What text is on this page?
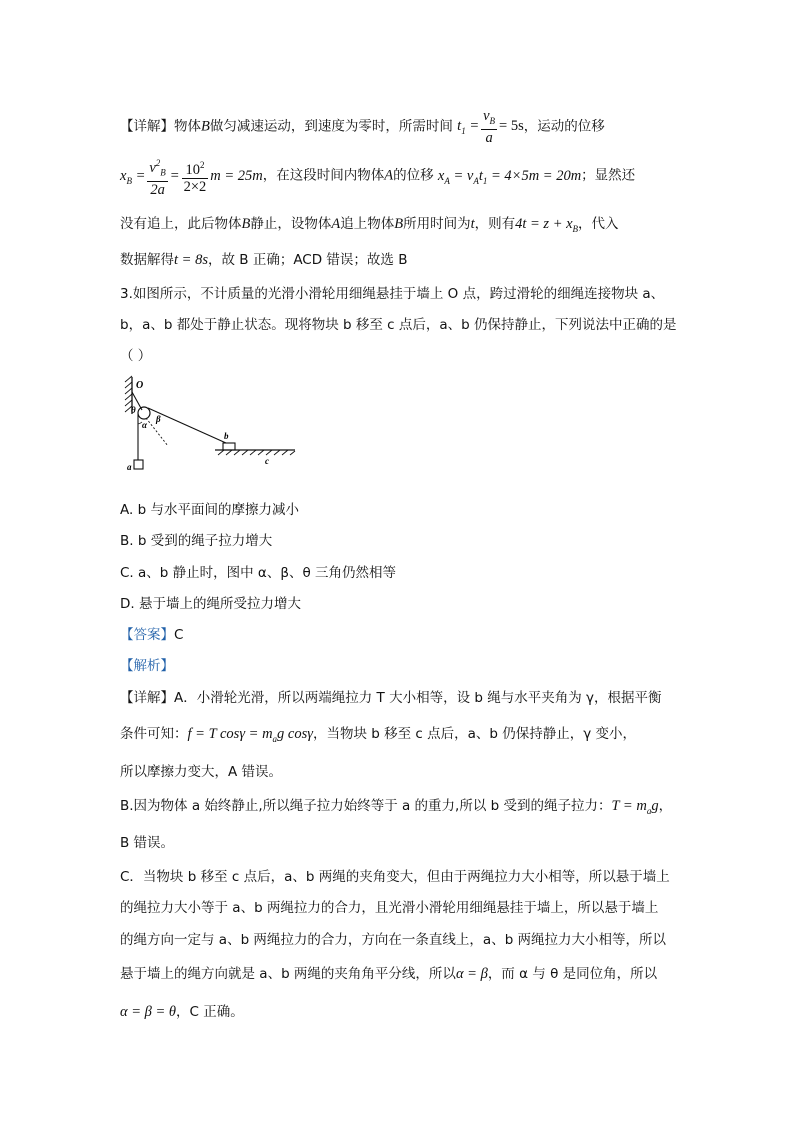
【详解】物体B做匀减速运动，到速度为零时，所需时间 $t_1 = \frac{v_B}{a} = 5s$，运动的位移
$x_B = \frac{v^2_B}{2a} = \frac{10^2}{2\times 2}$ m = 25m，在这段时间内物体A的位移 $x_A = v_At_1 = 4\times 5m = 20m$；显然还
没有追上，此后物体B静止，设物体A追上物体B所用时间为t，则有$4t = z + x_B$，代入
数据解得t = 8s，故 B 正确；ACD 错误；故选 B
3.如图所示，不计质量的光滑小滑轮用细绳悬挂于墙上 O 点，跨过滑轮的细绳连接物块 a、
b，a、b 都处于静止状态。现将物块 b 移至 c 点后，a、b 仍保持静止，下列说法中正确的是
（ ）
O
θ
α
β
a
b
c
A. b 与水平面间的摩擦力减小
B. b 受到的绳子拉力增大
C. a、b 静止时，图中 α、β、θ 三角仍然相等
D. 悬于墙上的绳所受拉力增大
【答案】C
【解析】
【详解】A．小滑轮光滑，所以两端绳拉力 T 大小相等，设 b 绳与水平夹角为 γ，根据平衡
条件可知：f = T $\cos\gamma = m_ag$ cosγ，当物块 b 移至 c 点后，a、b 仍保持静止，γ 变小，
所以摩擦力变大，A 错误。
B.因为物体 a 始终静止,所以绳子拉力始终等于 a 的重力,所以 b 受到的绳子拉力：$T = m_ag$，
B 错误。
C．当物块 b 移至 c 点后，a、b 两绳的夹角变大，但由于两绳拉力大小相等，所以悬于墙上
的绳拉力大小等于 a、b 两绳拉力的合力，且光滑小滑轮用细绳悬挂于墙上，所以悬于墙上
的绳方向一定与 a、b 两绳拉力的合力，方向在一条直线上，a、b 两绳拉力大小相等，所以
悬于墙上的绳方向就是 a、b 两绳的夹角角平分线，所以α = β，而 α 与 θ 是同位角，所以
α = β = θ，C 正确。
